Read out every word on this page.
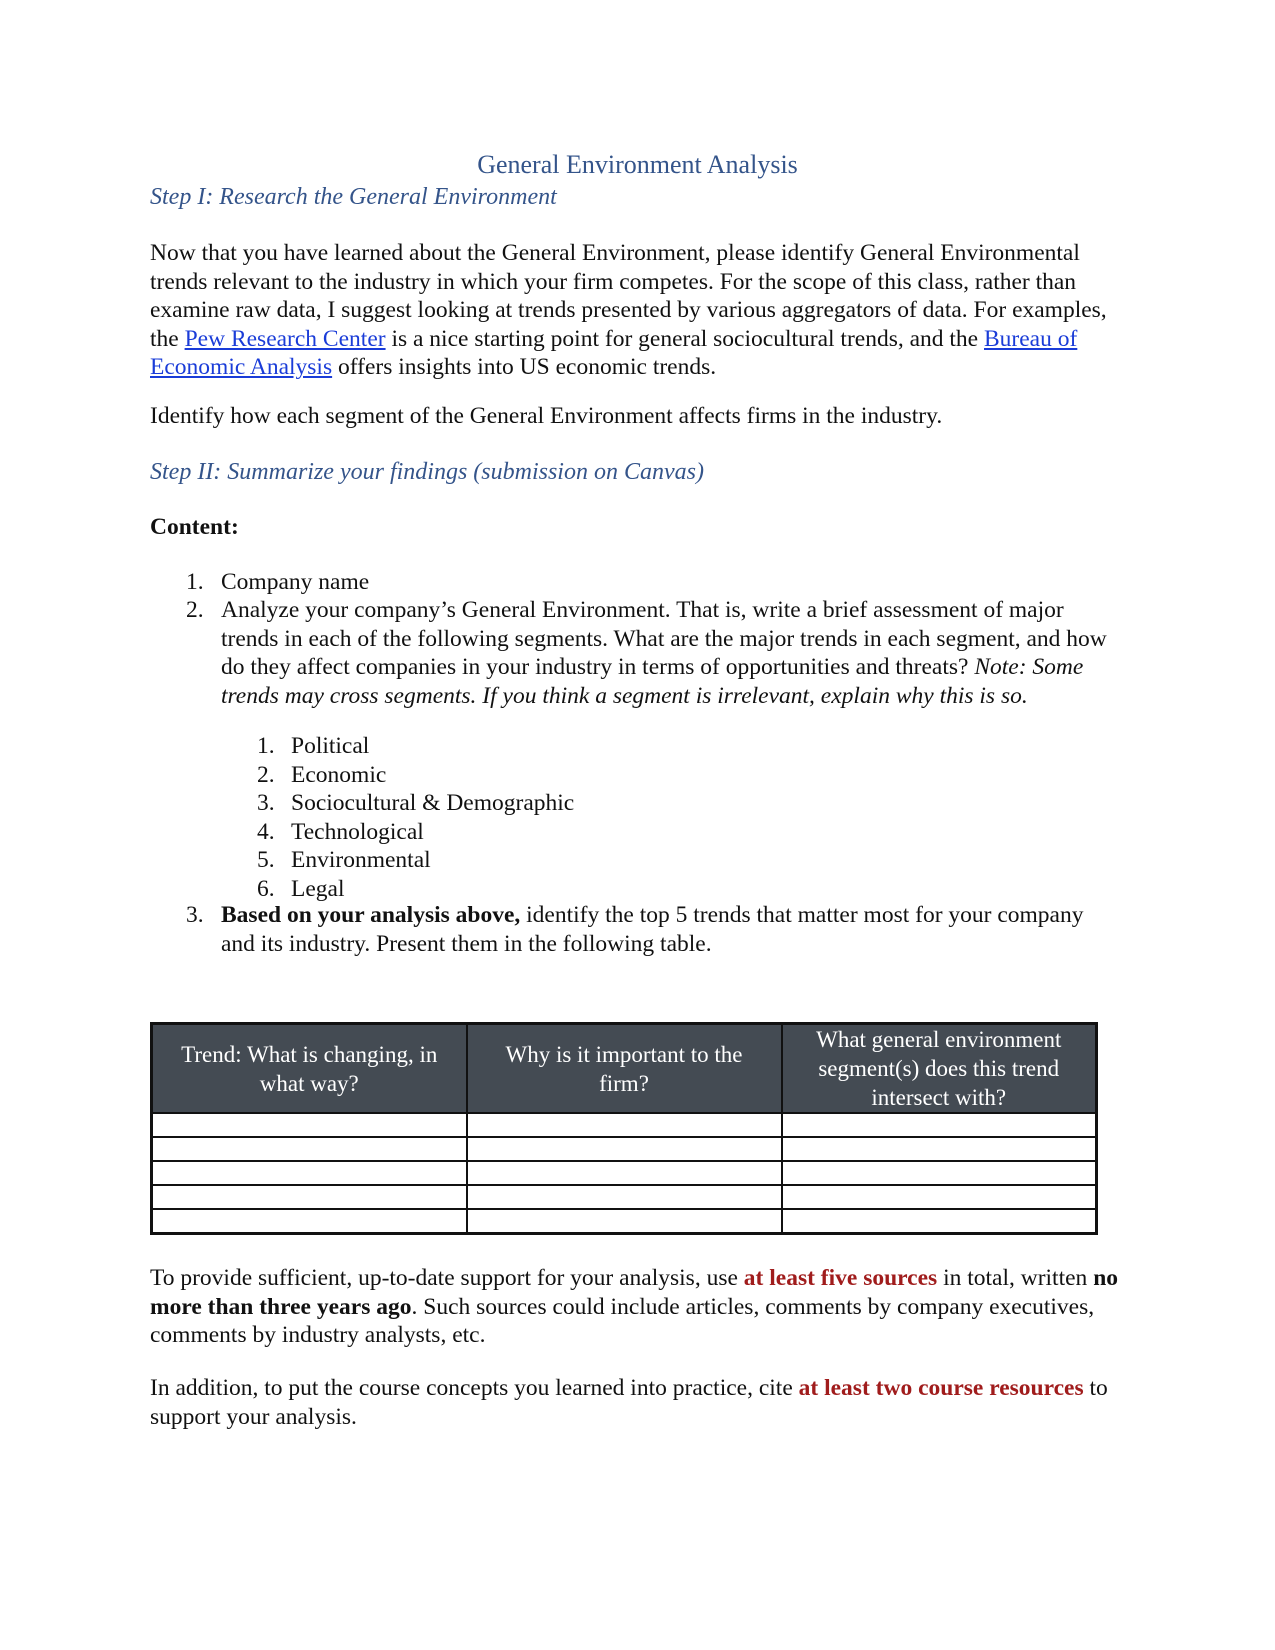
General Environment Analysis
Step I: Research the General Environment
Now that you have learned about the General Environment, please identify General Environmental trends relevant to the industry in which your firm competes. For the scope of this class, rather than examine raw data, I suggest looking at trends presented by various aggregators of data. For examples, the Pew Research Center is a nice starting point for general sociocultural trends, and the Bureau of Economic Analysis offers insights into US economic trends.
Identify how each segment of the General Environment affects firms in the industry.
Step II: Summarize your findings (submission on Canvas)
Content:
1. Company name
2. Analyze your company’s General Environment. That is, write a brief assessment of major trends in each of the following segments. What are the major trends in each segment, and how do they affect companies in your industry in terms of opportunities and threats? Note: Some trends may cross segments. If you think a segment is irrelevant, explain why this is so.
1. Political
2. Economic
3. Sociocultural & Demographic
4. Technological
5. Environmental
6. Legal
3. Based on your analysis above, identify the top 5 trends that matter most for your company and its industry. Present them in the following table.
Trend: What is changing, in what way?	Why is it important to the firm?	What general environment segment(s) does this trend intersect with?

To provide sufficient, up-to-date support for your analysis, use at least five sources in total, written no more than three years ago. Such sources could include articles, comments by company executives, comments by industry analysts, etc.
In addition, to put the course concepts you learned into practice, cite at least two course resources to support your analysis.
